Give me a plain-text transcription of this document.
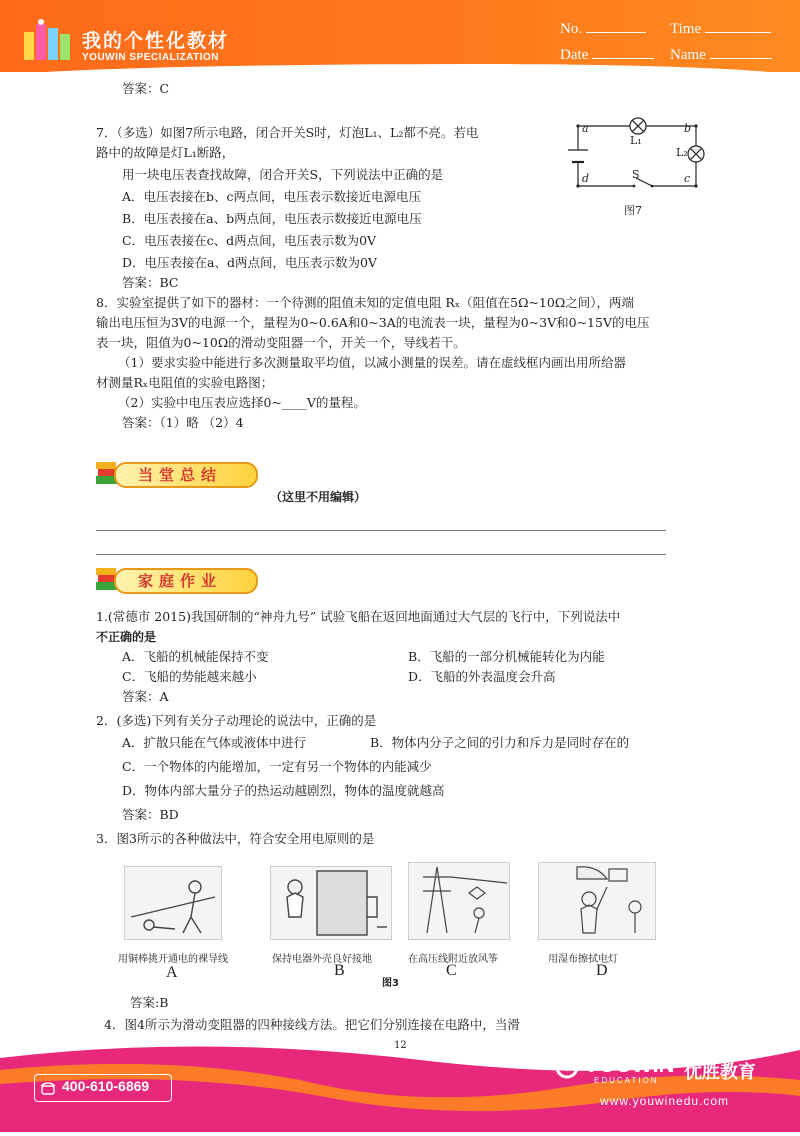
我的个性化教材
YOUWIN SPECIALIZATION
No.	Time
Date	Name
答案：C
7．（多选）如图7所示电路，闭合开关S时，灯泡L₁、L₂都不亮。若电
路中的故障是灯L₁断路，
用一块电压表查找故障，闭合开关S，下列说法中正确的是
A．电压表接在b、c两点间，电压表示数接近电源电压
B．电压表接在a、b两点间，电压表示数接近电源电压
C．电压表接在c、d两点间，电压表示数为0V
D．电压表接在a、d两点间，电压表示数为0V
答案：BC
a	b
c
d
L₁
L₂
S
图7
8．实验室提供了如下的器材：一个待测的阻值未知的定值电阻 Rₓ（阻值在5Ω~10Ω之间），两端
输出电压恒为3V的电源一个，量程为0~0.6A和0~3A的电流表一块，量程为0~3V和0~15V的电压
表一块，阻值为0~10Ω的滑动变阻器一个，开关一个，导线若干。
（1）要求实验中能进行多次测量取平均值，以减小测量的误差。请在虚线框内画出用所给器
材测量Rₓ电阻值的实验电路图；
（2）实验中电压表应选择0~____V的量程。
答案：（1）略 （2）4
当堂总结
（这里不用编辑）
家庭作业
1.(常德市 2015)我国研制的“神舟九号” 试验飞船在返回地面通过大气层的飞行中，下列说法中
不正确的是
A．飞船的机械能保持不变	B．飞船的一部分机械能转化为内能
C．飞船的势能越来越小	D．飞船的外表温度会升高
答案：A
2．(多选)下列有关分子动理论的说法中，正确的是
A．扩散只能在气体或液体中进行	B．物体内分子之间的引力和斥力是同时存在的
C．一个物体的内能增加，一定有另一个物体的内能减少
D．物体内部大量分子的热运动越剧烈，物体的温度就越高
答案：BD
3．图3所示的各种做法中，符合安全用电原则的是
用铜棒挑开通电的裸导线	保持电器外壳良好接地	在高压线附近放风筝	用湿布擦拭电灯
A	B	C	D
图3
答案:B
4．图4所示为滑动变阻器的四种接线方法。把它们分别连接在电路中，当滑
12
400-610-6869
YOUWIN
EDUCATION 优胜教育
www.youwinedu.com
